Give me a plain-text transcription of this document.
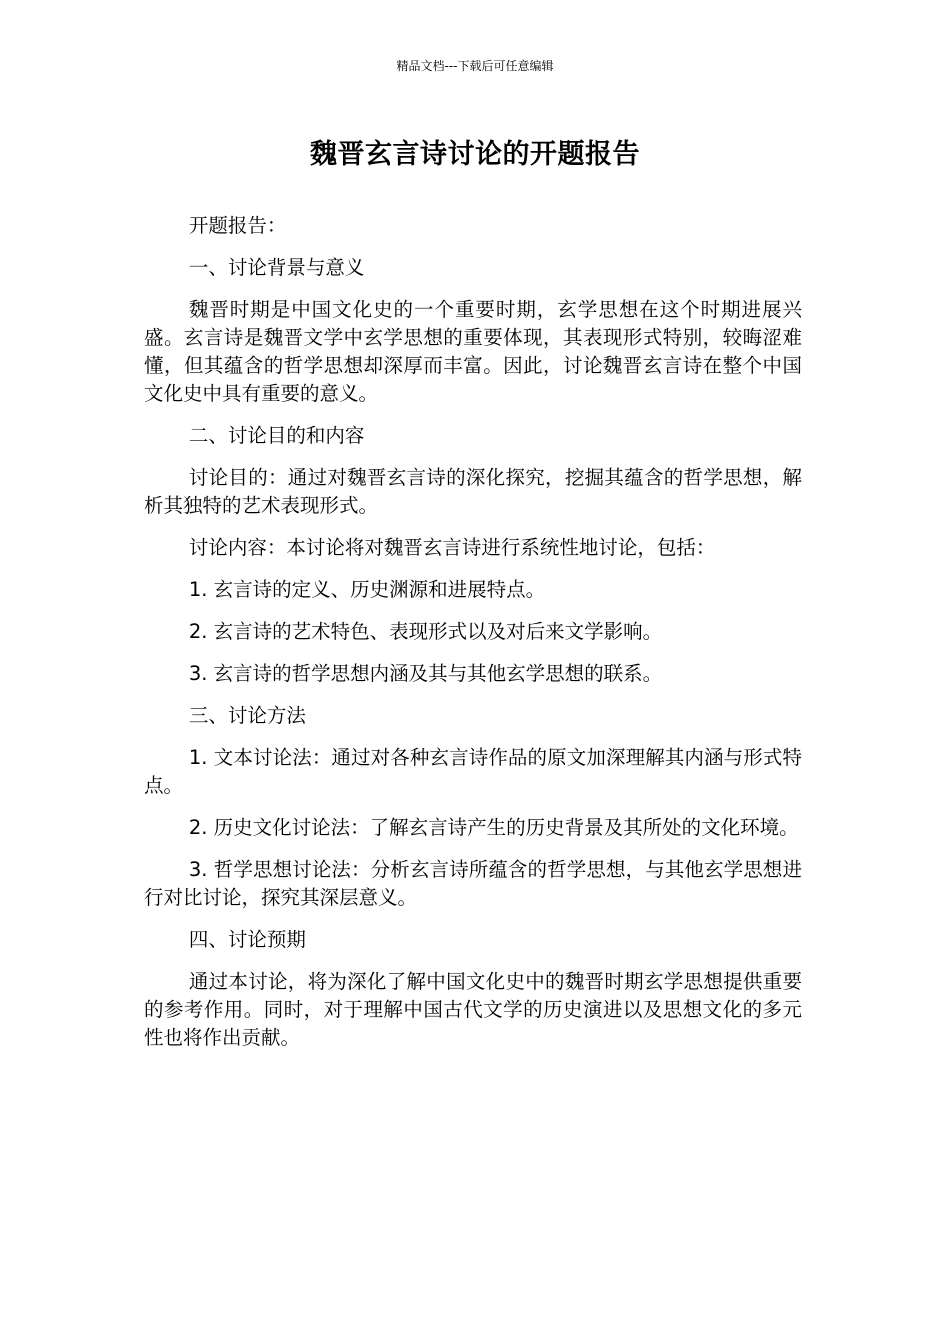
精品文档---下载后可任意编辑
魏晋玄言诗讨论的开题报告

开题报告：

一、讨论背景与意义

魏晋时期是中国文化史的一个重要时期，玄学思想在这个时期进展兴盛。玄言诗是魏晋文学中玄学思想的重要体现，其表现形式特别，较晦涩难懂，但其蕴含的哲学思想却深厚而丰富。因此，讨论魏晋玄言诗在整个中国文化史中具有重要的意义。

二、讨论目的和内容

讨论目的：通过对魏晋玄言诗的深化探究，挖掘其蕴含的哲学思想，解析其独特的艺术表现形式。

讨论内容：本讨论将对魏晋玄言诗进行系统性地讨论，包括：

1. 玄言诗的定义、历史渊源和进展特点。

2. 玄言诗的艺术特色、表现形式以及对后来文学影响。

3. 玄言诗的哲学思想内涵及其与其他玄学思想的联系。

三、讨论方法

1. 文本讨论法：通过对各种玄言诗作品的原文加深理解其内涵与形式特点。

2. 历史文化讨论法：了解玄言诗产生的历史背景及其所处的文化环境。

3. 哲学思想讨论法：分析玄言诗所蕴含的哲学思想，与其他玄学思想进行对比讨论，探究其深层意义。

四、讨论预期

通过本讨论，将为深化了解中国文化史中的魏晋时期玄学思想提供重要的参考作用。同时，对于理解中国古代文学的历史演进以及思想文化的多元性也将作出贡献。
